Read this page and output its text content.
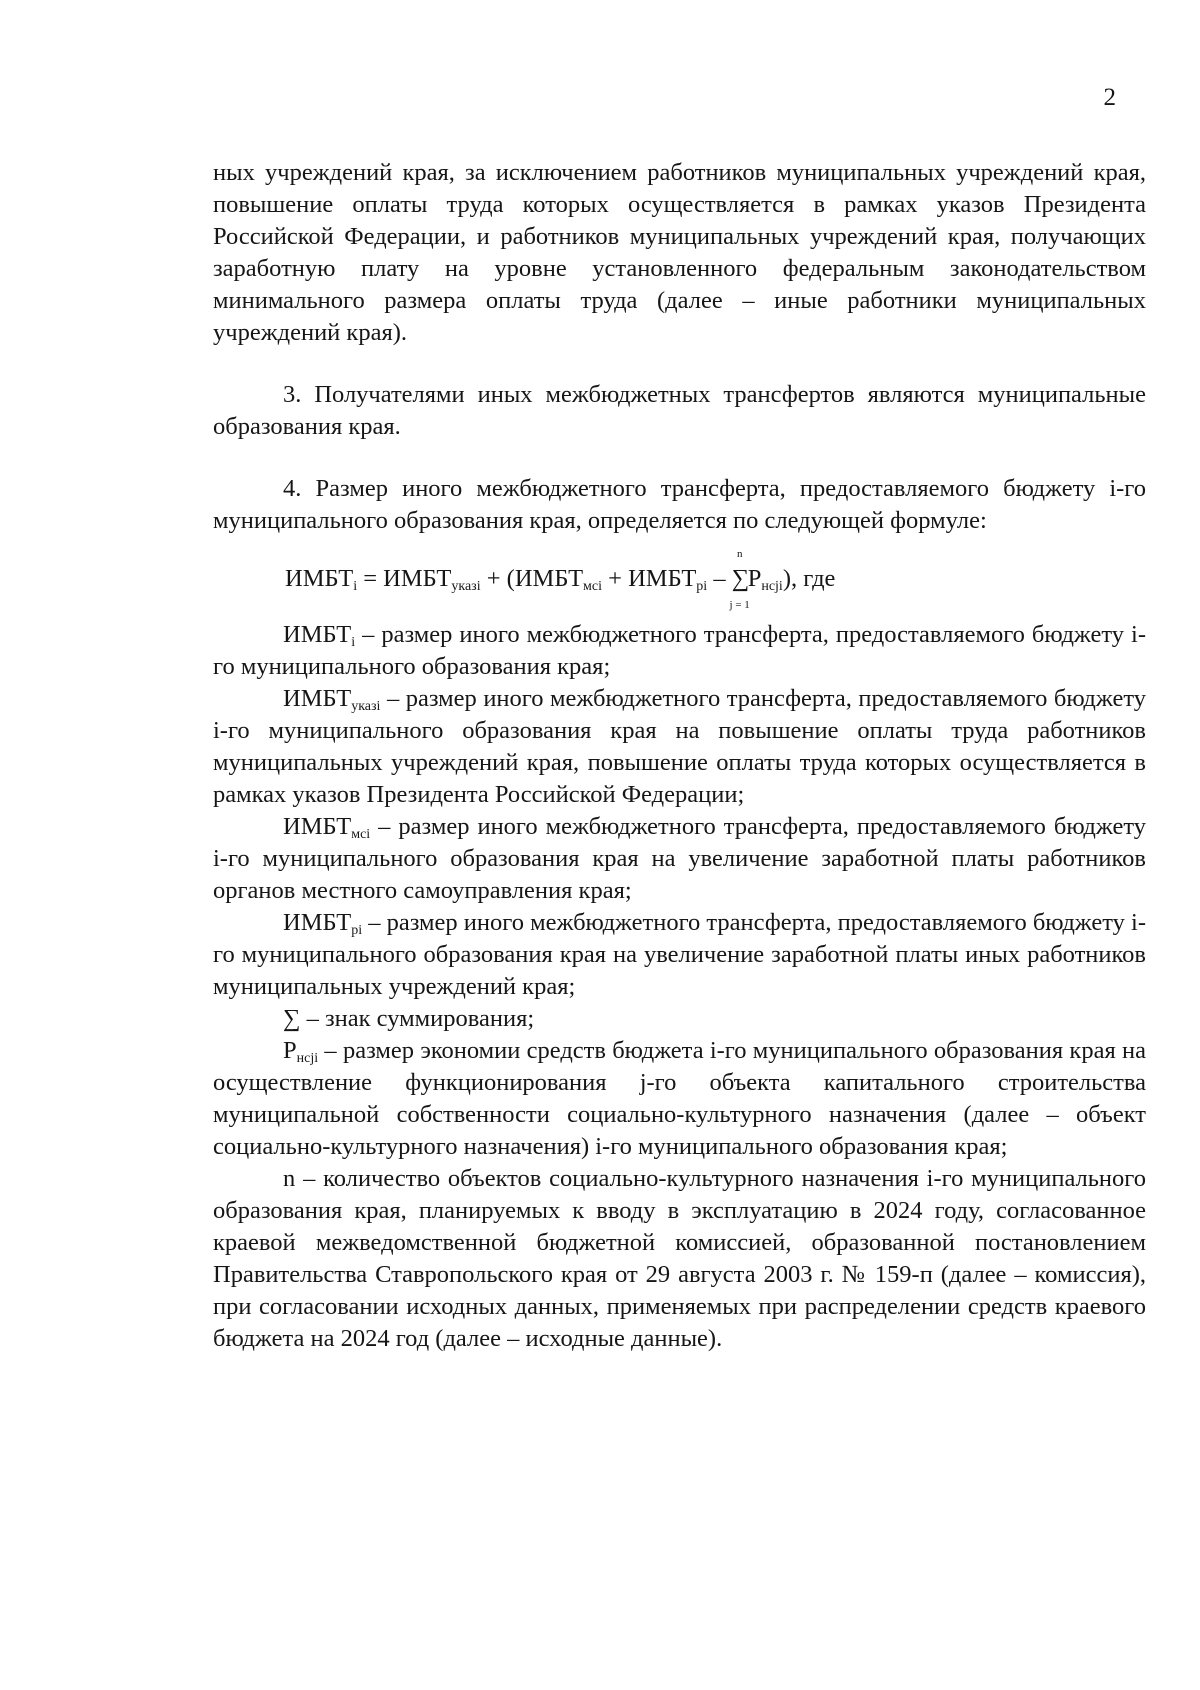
2

ных учреждений края, за исключением работников муниципальных учреждений края, повышение оплаты труда которых осуществляется в рамках указов Президента Российской Федерации, и работников муниципальных учреждений края, получающих заработную плату на уровне установленного федеральным законодательством минимального размера оплаты труда (далее – иные работники муниципальных учреждений края).

3. Получателями иных межбюджетных трансфертов являются муниципальные образования края.

4. Размер иного межбюджетного трансферта, предоставляемого бюджету i-го муниципального образования края, определяется по следующей формуле:

$ИМБТ_i$ = $ИМБТ_{указi}$ + ($ИМБТ_{мсi}$ + $ИМБТ_{рi}$ –
n
∑
j = 1
$Р_{нсji}$), где

$ИМБТ_i$ – размер иного межбюджетного трансферта, предоставляемого бюджету i-го муниципального образования края;

$ИМБТ_{указi}$ – размер иного межбюджетного трансферта, предоставляемого бюджету i-го муниципального образования края на повышение оплаты труда работников муниципальных учреждений края, повышение оплаты труда которых осуществляется в рамках указов Президента Российской Федерации;

$ИМБТ_{мсi}$ – размер иного межбюджетного трансферта, предоставляемого бюджету i-го муниципального образования края на увеличение заработной платы работников органов местного самоуправления края;

$ИМБТ_{рi}$ – размер иного межбюджетного трансферта, предоставляемого бюджету i-го муниципального образования края на увеличение заработной платы иных работников муниципальных учреждений края;

∑ – знак суммирования;

$Р_{нсji}$ – размер экономии средств бюджета i-го муниципального образования края на осуществление функционирования j-го объекта капитального строительства муниципальной собственности социально-культурного назначения (далее – объект социально-культурного назначения) i-го муниципального образования края;

n – количество объектов социально-культурного назначения i-го муниципального образования края, планируемых к вводу в эксплуатацию в 2024 году, согласованное краевой межведомственной бюджетной комиссией, образованной постановлением Правительства Ставропольского края от 29 августа 2003 г. № 159-п (далее – комиссия), при согласовании исходных данных, применяемых при распределении средств краевого бюджета на 2024 год (далее – исходные данные).
